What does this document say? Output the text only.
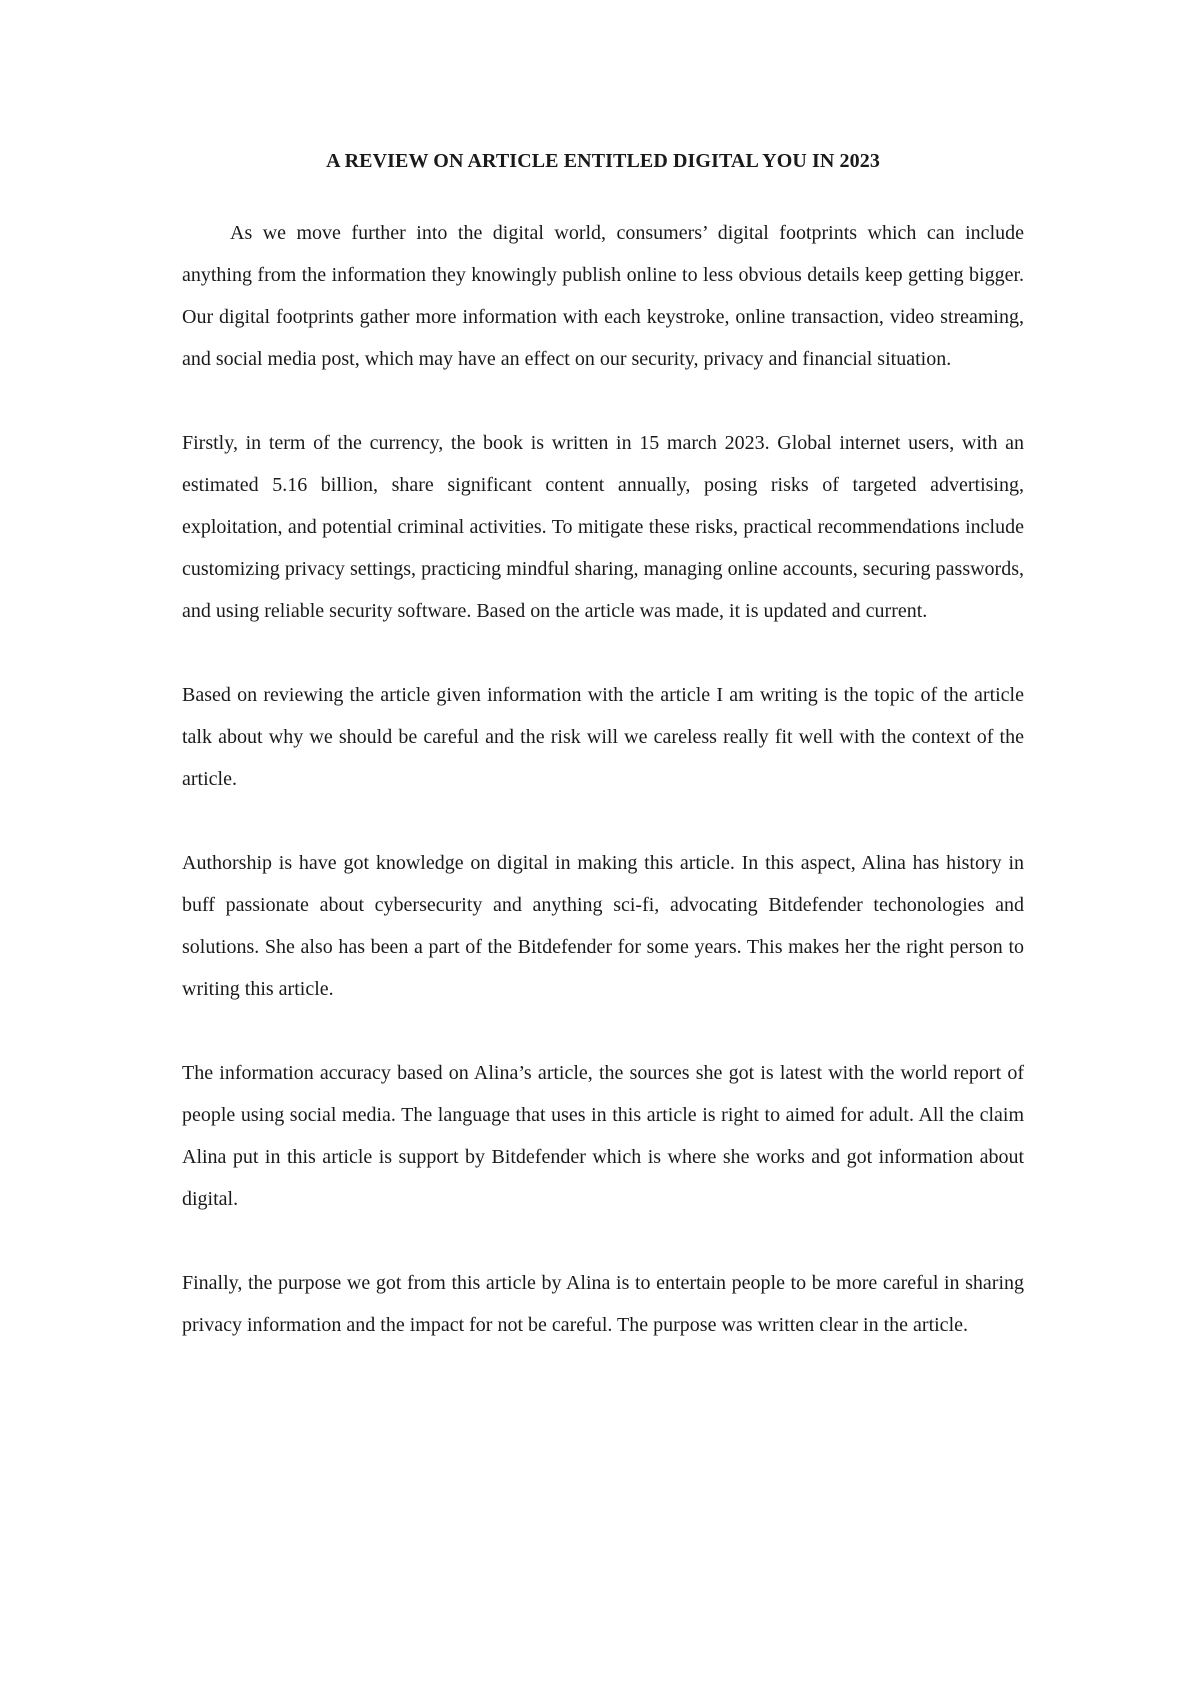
A REVIEW ON ARTICLE ENTITLED DIGITAL YOU IN 2023

As we move further into the digital world, consumers’ digital footprints which can include anything from the information they knowingly publish online to less obvious details keep getting bigger. Our digital footprints gather more information with each keystroke, online transaction, video streaming, and social media post, which may have an effect on our security, privacy and financial situation.

Firstly, in term of the currency, the book is written in 15 march 2023. Global internet users, with an estimated 5.16 billion, share significant content annually, posing risks of targeted advertising, exploitation, and potential criminal activities. To mitigate these risks, practical recommendations include customizing privacy settings, practicing mindful sharing, managing online accounts, securing passwords, and using reliable security software. Based on the article was made, it is updated and current.

Based on reviewing the article given information with the article I am writing is the topic of the article talk about why we should be careful and the risk will we careless really fit well with the context of the article.

Authorship is have got knowledge on digital in making this article. In this aspect, Alina has history in buff passionate about cybersecurity and anything sci-fi, advocating Bitdefender techonologies and solutions. She also has been a part of the Bitdefender for some years. This makes her the right person to writing this article.

The information accuracy based on Alina’s article, the sources she got is latest with the world report of people using social media. The language that uses in this article is right to aimed for adult. All the claim Alina put in this article is support by Bitdefender which is where she works and got information about digital.

Finally, the purpose we got from this article by Alina is to entertain people to be more careful in sharing privacy information and the impact for not be careful. The purpose was written clear in the article.
